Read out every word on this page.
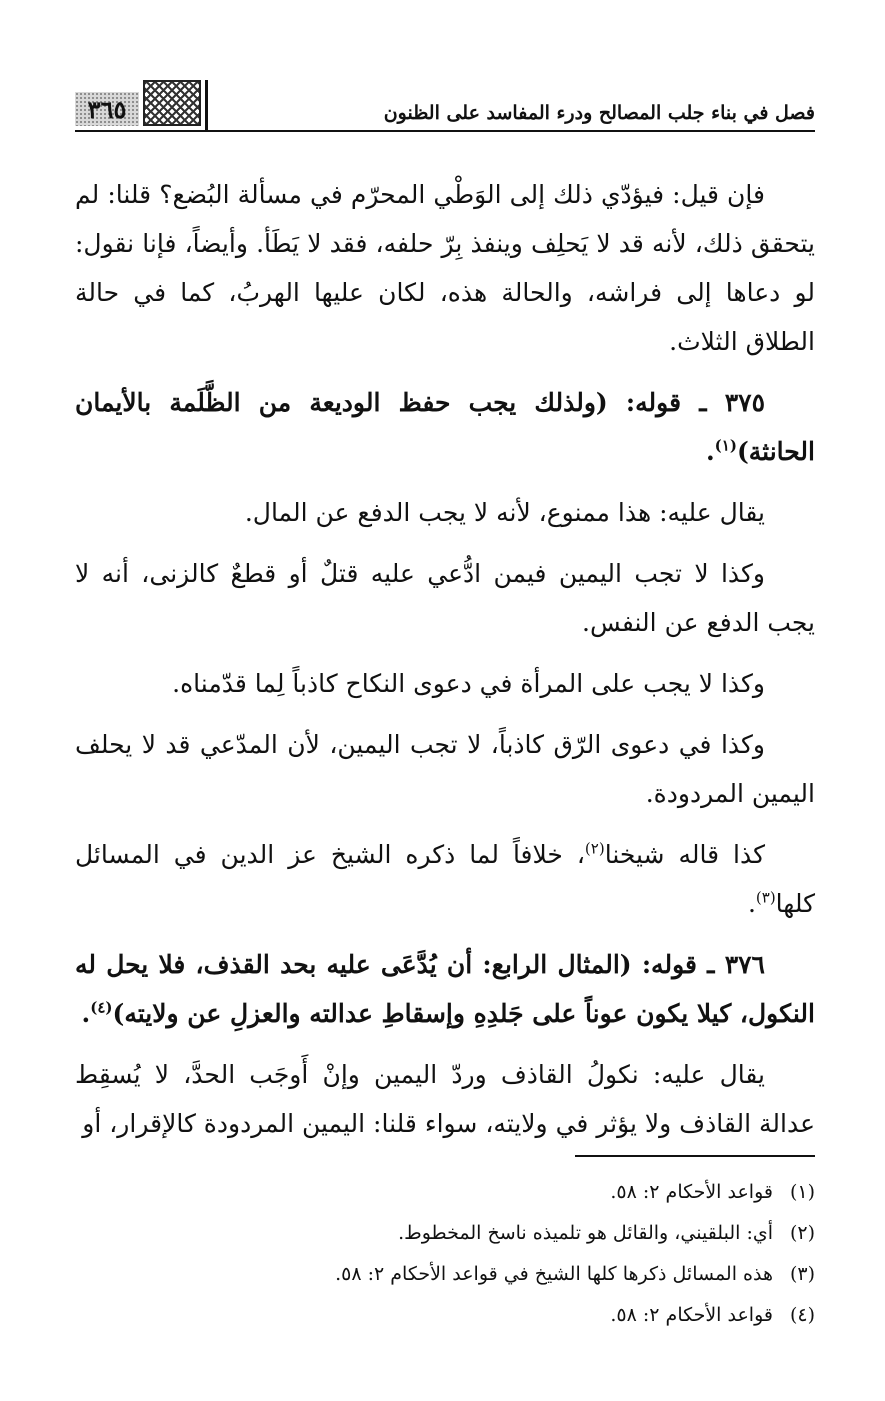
فصل في بناء جلب المصالح ودرء المفاسد على الظنون
٣٦٥

فإن قيل: فيؤدّي ذلك إلى الوَطْي المحرّم في مسألة البُضع؟ قلنا: لم يتحقق ذلك، لأنه قد لا يَحلِف وينفذ بِرّ حلفه، فقد لا يَطَأ. وأيضاً، فإنا نقول: لو دعاها إلى فراشه، والحالة هذه، لكان عليها الهربُ، كما في حالة الطلاق الثلاث.

٣٧٥ ـ قوله: (ولذلك يجب حفظ الوديعة من الظَّلَمة بالأيمان الحانثة)$^{(١)}$.

يقال عليه: هذا ممنوع، لأنه لا يجب الدفع عن المال.

وكذا لا تجب اليمين فيمن ادُّعي عليه قتلٌ أو قطعٌ كالزنى، أنه لا يجب الدفع عن النفس.

وكذا لا يجب على المرأة في دعوى النكاح كاذباً لِما قدّمناه.

وكذا في دعوى الرّق كاذباً، لا تجب اليمين، لأن المدّعي قد لا يحلف اليمين المردودة.

كذا قاله شيخنا$^{(٢)}$، خلافاً لما ذكره الشيخ عز الدين في المسائل كلها$^{(٣)}$.

٣٧٦ ـ قوله: (المثال الرابع: أن يُدَّعَى عليه بحد القذف، فلا يحل له النكول، كيلا يكون عوناً على جَلدِهِ وإسقاطِ عدالته والعزلِ عن ولايته)$^{(٤)}$.

يقال عليه: نكولُ القاذف وردّ اليمين وإنْ أَوجَب الحدَّ، لا يُسقِط عدالة القاذف ولا يؤثر في ولايته، سواء قلنا: اليمين المردودة كالإقرار، أو

(١)قواعد الأحكام ٢: ٥٨.

(٢)أي: البلقيني، والقائل هو تلميذه ناسخ المخطوط.

(٣)هذه المسائل ذكرها كلها الشيخ في قواعد الأحكام ٢: ٥٨.

(٤)قواعد الأحكام ٢: ٥٨.
